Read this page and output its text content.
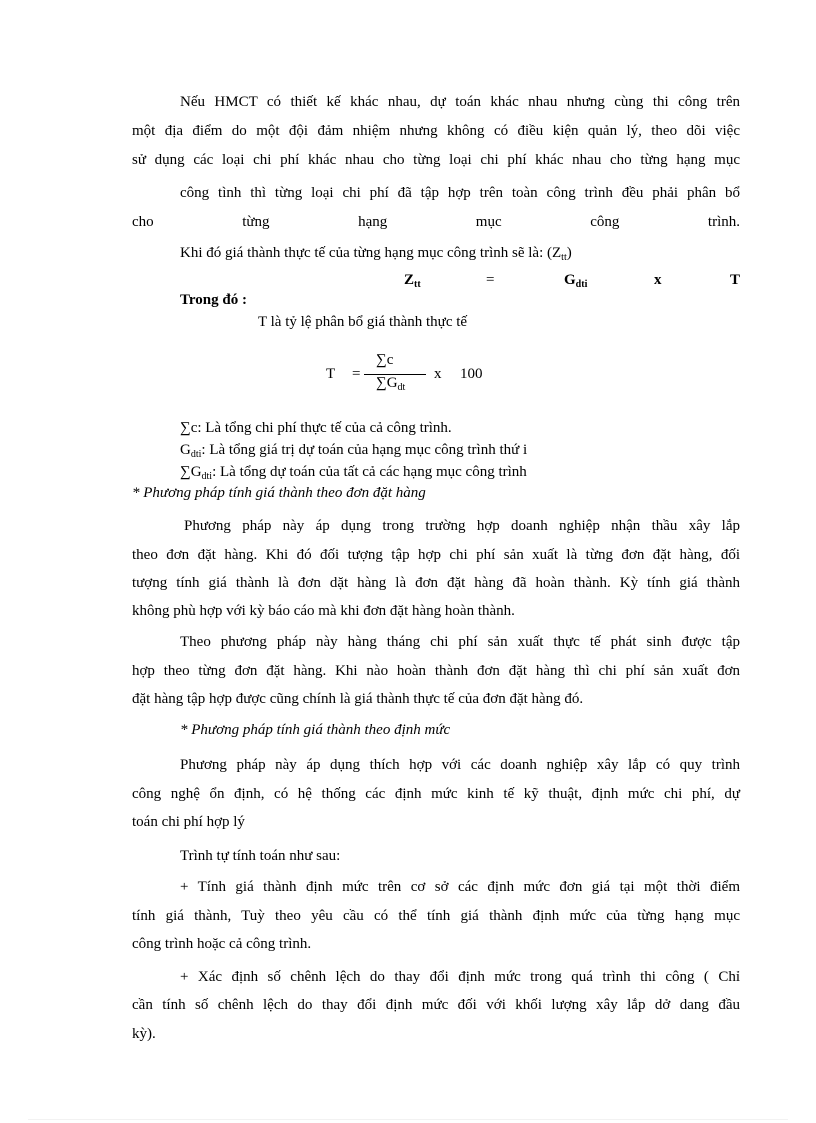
Nếu HMCT có thiết kế khác nhau, dự toán khác nhau nhưng cùng thi công trên
một địa điểm do một đội đảm nhiệm nhưng không có điều kiện quản lý, theo dõi việc
sử dụng các loại chi phí khác nhau cho từng loại chi phí khác nhau cho từng hạng mục
công tình thì từng loại chi phí đã tập hợp trên toàn công trình đều phải phân bổ
cho từng hạng mục công trình.
Khi đó giá thành thực tế của từng hạng mục công trình sẽ là: $(Z_{tt})$
$Z_{tt}$	=	$G_{dti}$	x	T
Trong đó :
T là tỷ lệ phân bổ giá thành thực tế
T =
∑c
$\sum G_{dt}$
x 100
∑c: Là tổng chi phí thực tế của cả công trình.
$G_{dti}$: Là tổng giá trị dự toán của hạng mục công trình thứ i
$\sum G_{dti}$: Là tổng dự toán của tất cả các hạng mục công trình
* Phương pháp tính giá thành theo đơn đặt hàng
Phương pháp này áp dụng trong trường hợp doanh nghiệp nhận thầu xây lắp
theo đơn đặt hàng. Khi đó đối tượng tập hợp chi phí sản xuất là từng đơn đặt hàng, đối
tượng tính giá thành là đơn dặt hàng là đơn đặt hàng đã hoàn thành. Kỳ tính giá thành
không phù hợp với kỳ báo cáo mà khi đơn đặt hàng hoàn thành.
Theo phương pháp này hàng tháng chi phí sản xuất thực tế phát sinh được tập
hợp theo từng đơn đặt hàng. Khi nào hoàn thành đơn đặt hàng thì chi phí sản xuất đơn
đặt hàng tập hợp được cũng chính là giá thành thực tế của đơn đặt hàng đó.
* Phương pháp tính giá thành theo định mức
Phương pháp này áp dụng thích hợp với các doanh nghiệp xây lắp có quy trình
công nghệ ổn định, có hệ thống các định mức kinh tế kỹ thuật, định mức chi phí, dự
toán chi phí hợp lý
Trình tự tính toán như sau:
+ Tính giá thành định mức trên cơ sở các định mức đơn giá tại một thời điểm
tính giá thành, Tuỳ theo yêu cầu có thể tính giá thành định mức của từng hạng mục
công trình hoặc cả công trình.
+ Xác định số chênh lệch do thay đổi định mức trong quá trình thi công ( Chỉ
cần tính số chênh lệch do thay đổi định mức đối với khối lượng xây lắp dở dang đầu
kỳ).
